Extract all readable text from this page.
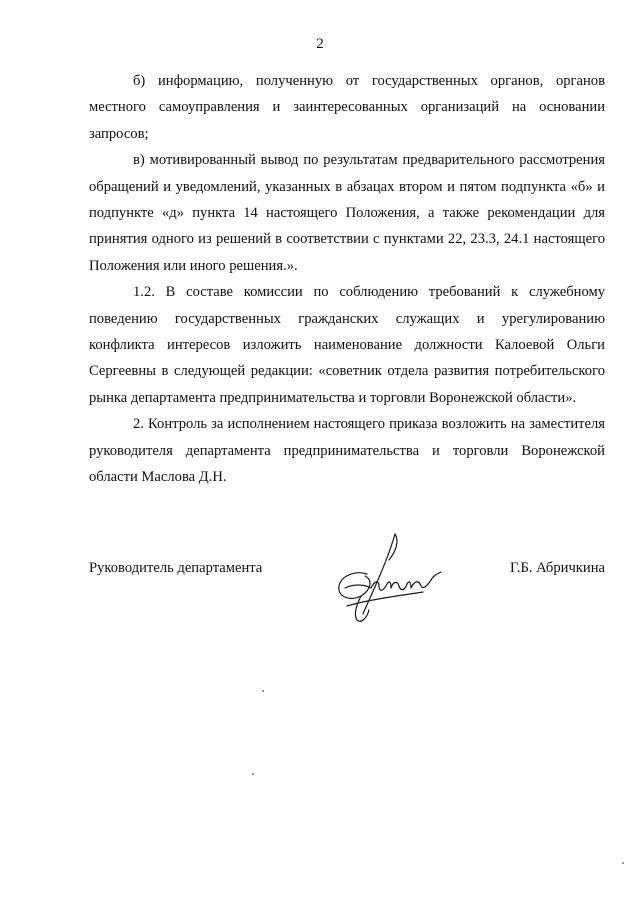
2

б) информацию, полученную от государственных органов, органов местного самоуправления и заинтересованных организаций на основании запросов;

в) мотивированный вывод по результатам предварительного рассмотрения обращений и уведомлений, указанных в абзацах втором и пятом подпункта «б» и подпункте «д» пункта 14 настоящего Положения, а также рекомендации для принятия одного из решений в соответствии с пунктами 22, 23.3, 24.1 настоящего Положения или иного решения.».

1.2. В составе комиссии по соблюдению требований к служебному поведению государственных гражданских служащих и урегулированию конфликта интересов изложить наименование должности Калоевой Ольги Сергеевны в следующей редакции: «советник отдела развития потребительского рынка департамента предпринимательства и торговли Воронежской области».

2. Контроль за исполнением настоящего приказа возложить на заместителя руководителя департамента предпринимательства и торговли Воронежской области Маслова Д.Н.

Руководитель департамента	Г.Б. Абричкина
